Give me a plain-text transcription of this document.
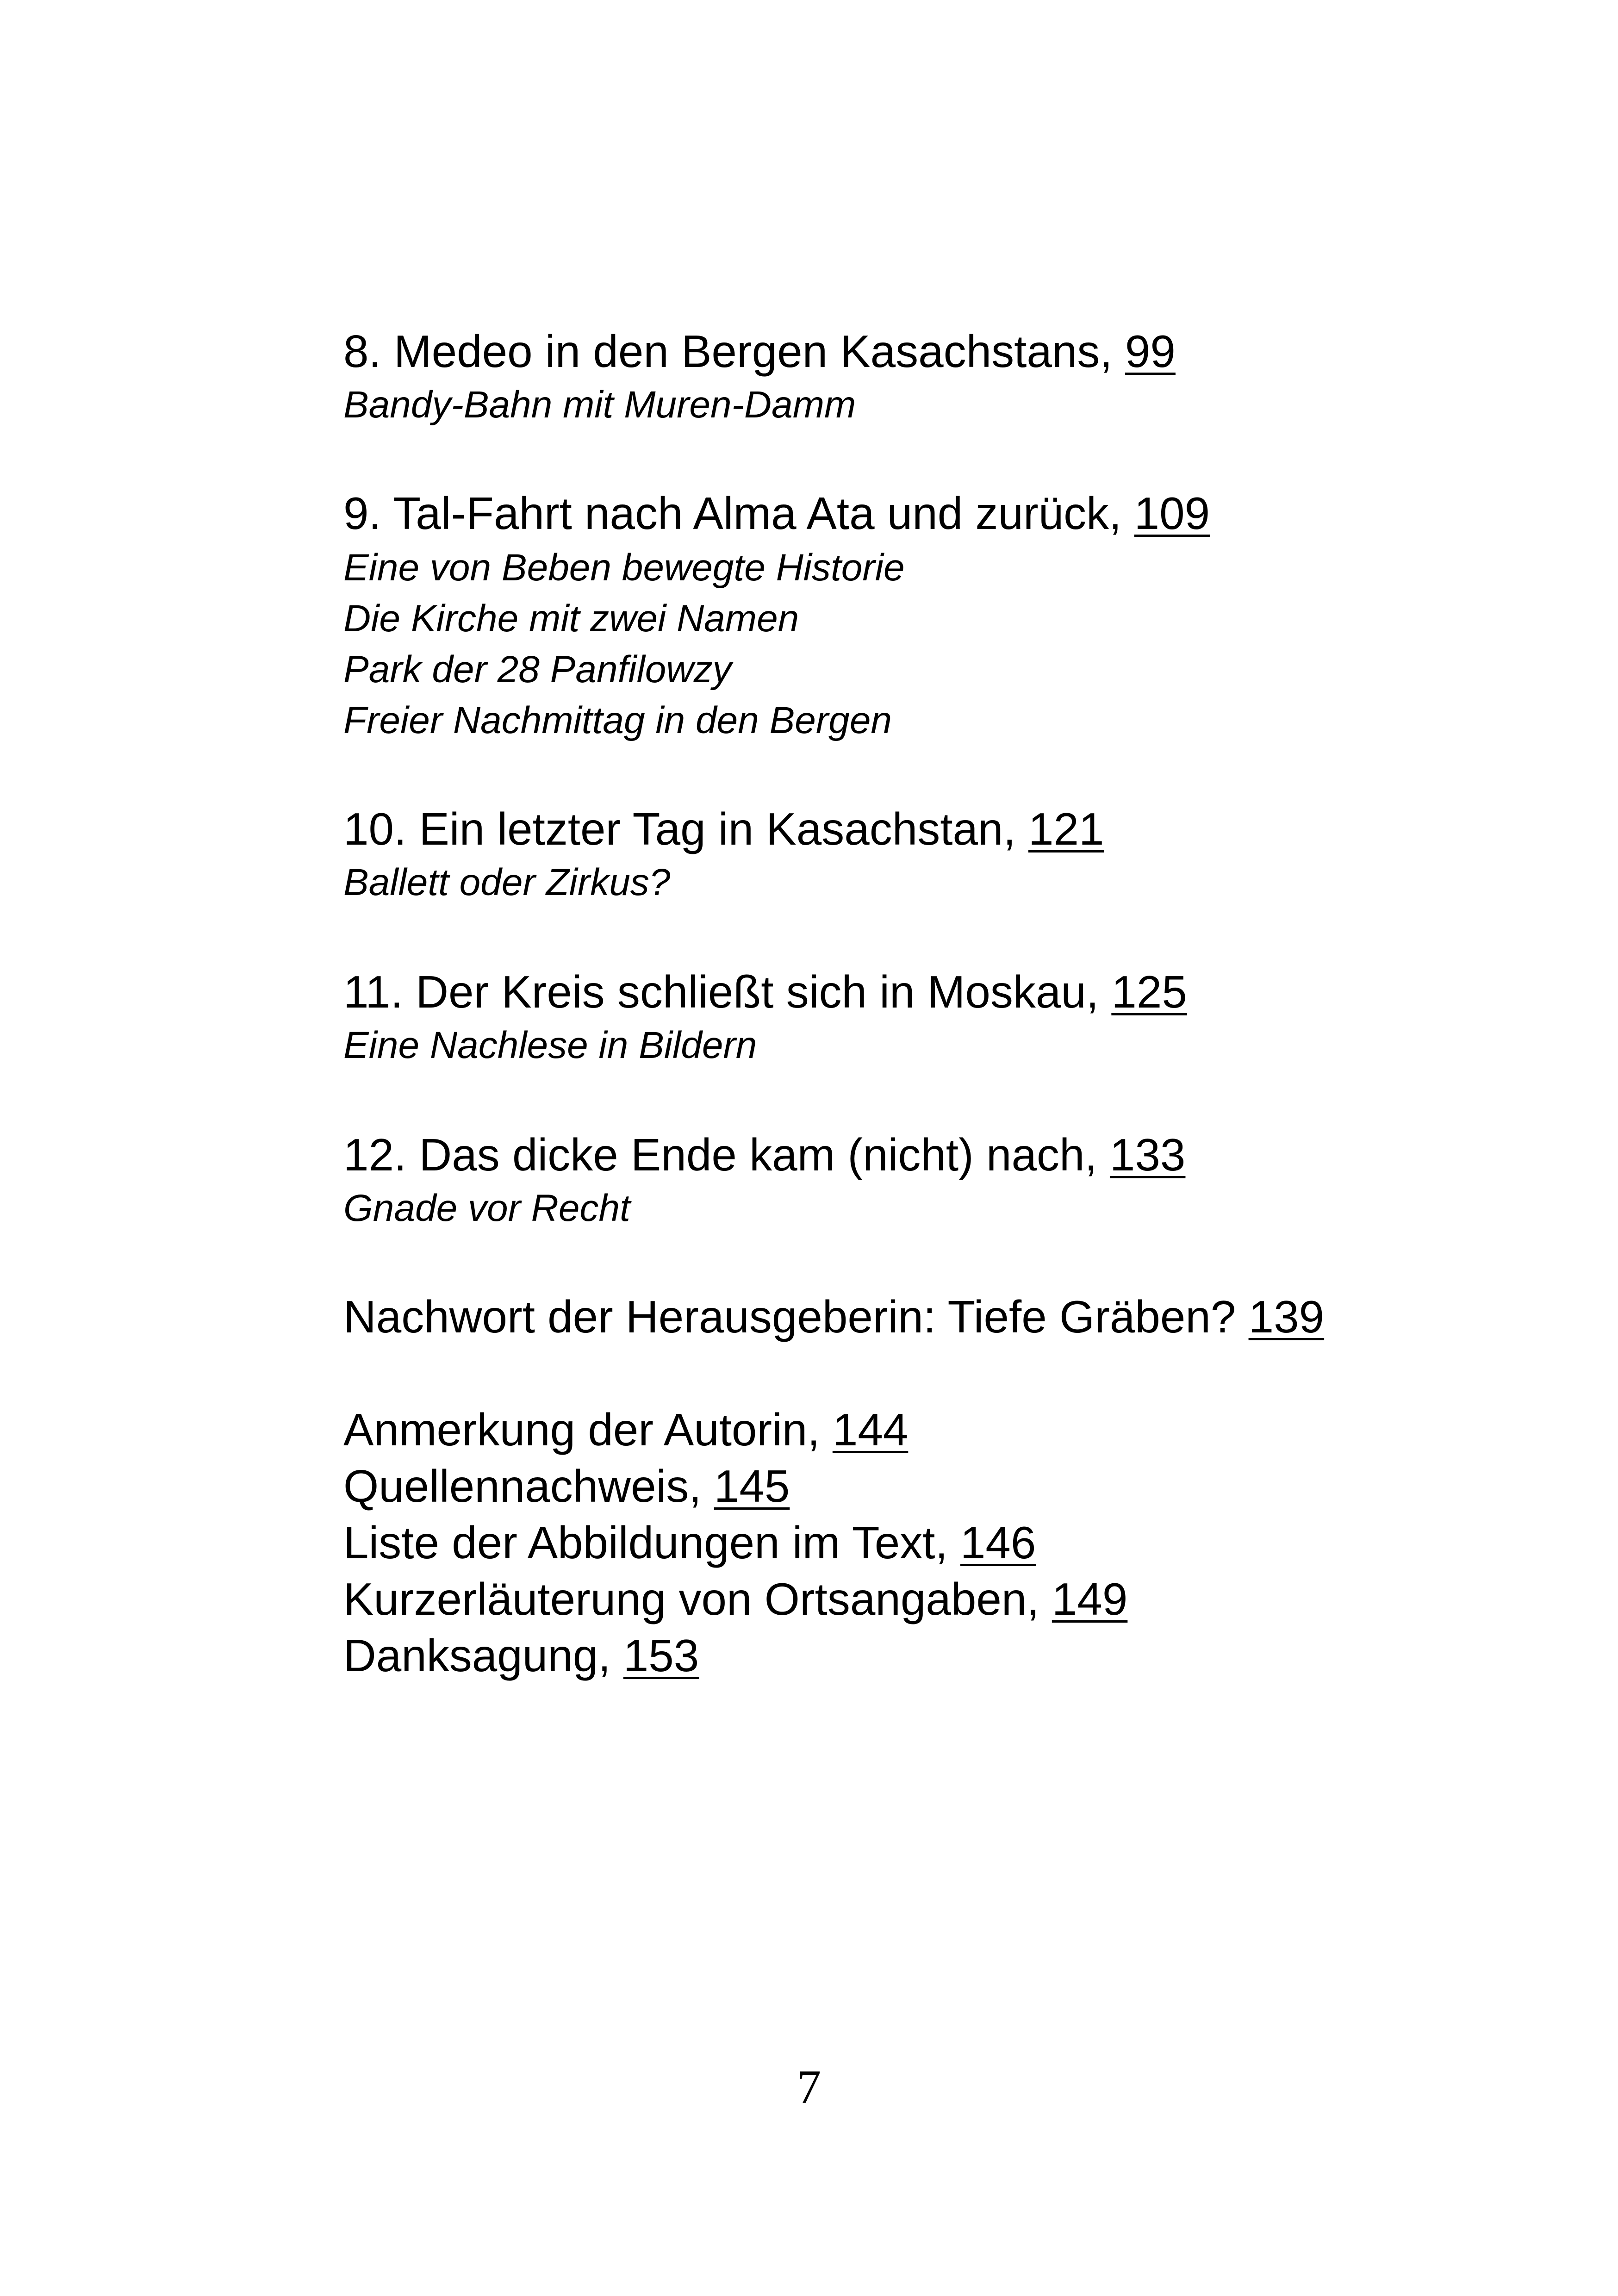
8. Medeo in den Bergen Kasachstans, 99
Bandy-Bahn mit Muren-Damm
9. Tal-Fahrt nach Alma Ata und zurück, 109
Eine von Beben bewegte Historie
Die Kirche mit zwei Namen
Park der 28 Panfilowzy
Freier Nachmittag in den Bergen
10. Ein letzter Tag in Kasachstan, 121
Ballett oder Zirkus?
11. Der Kreis schließt sich in Moskau, 125
Eine Nachlese in Bildern
12. Das dicke Ende kam (nicht) nach, 133
Gnade vor Recht
Nachwort der Herausgeberin: Tiefe Gräben? 139
Anmerkung der Autorin, 144
Quellennachweis, 145
Liste der Abbildungen im Text, 146
Kurzerläuterung von Ortsangaben, 149
Danksagung, 153
7
